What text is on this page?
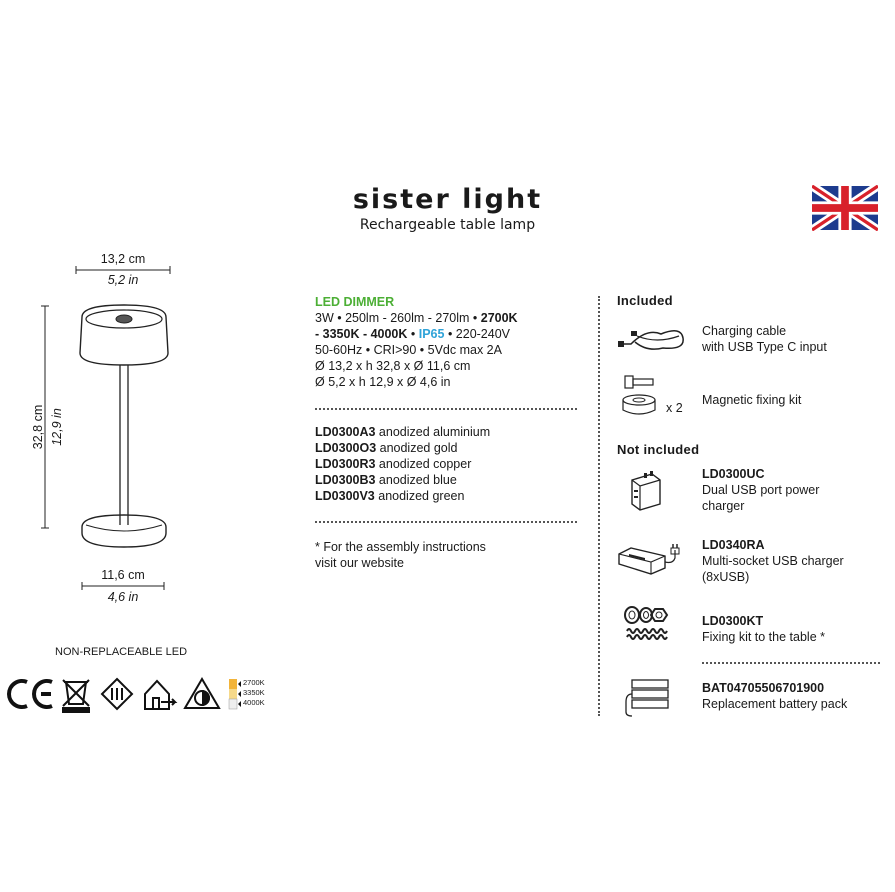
sister light
Rechargeable table lamp
13,2 cm
5,2 in
32,8 cm 12,9 in
11,6 cm
4,6 in
NON-REPLACEABLE LED
2700K
3350K
4000K
LED DIMMER
3W • 250lm - 260lm - 270lm • 2700K
- 3350K - 4000K • IP65 • 220-240V
50-60Hz • CRI>90 • 5Vdc max 2A
Ø 13,2 x h 32,8 x Ø 11,6 cm
Ø 5,2 x h 12,9 x Ø 4,6 in
LD0300A3 anodized aluminium
LD0300O3 anodized gold
LD0300R3 anodized copper
LD0300B3 anodized blue
LD0300V3 anodized green
* For the assembly instructions
visit our website
Included
Charging cable
with USB Type C input
x 2
Magnetic fixing kit
Not included
LD0300UC
Dual USB port power
charger
LD0340RA
Multi-socket USB charger
(8xUSB)
LD0300KT
Fixing kit to the table *
BAT04705506701900
Replacement battery pack
